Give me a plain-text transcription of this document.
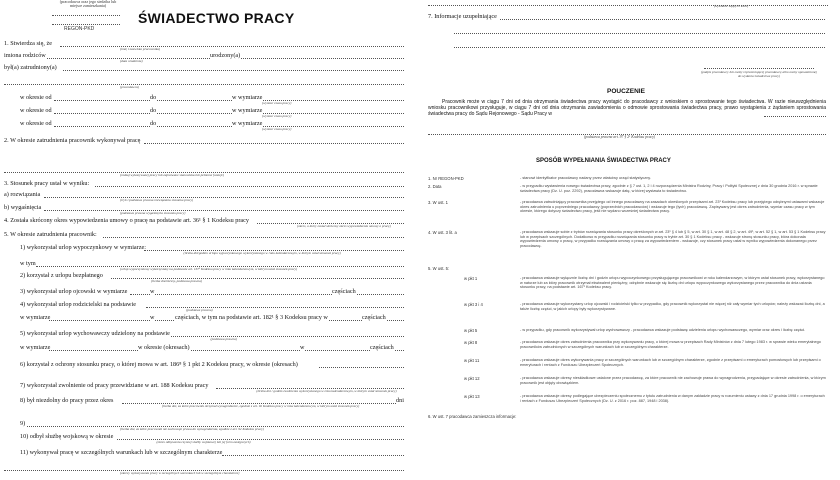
(pracodawca oraz jego siedziba lub miejsce zamieszkania)
REGON-PKD
ŚWIADECTWO PRACY
1. Stwierdza się, że
(imię i nazwisko pracownika)
imiona rodziców	urodzony(a)
(data urodzenia)
był(a) zatrudniony(a)
(pracodawca)
w okresie od	do	w wymiarze
(wymiar czasu pracy)
w okresie od	do	w wymiarze
(wymiar czasu pracy)
w okresie od	do	w wymiarze
(wymiar czasu pracy)
2. W okresie zatrudnienia pracownik wykonywał pracę
(rodzaj wykonywanej pracy lub zajmowane stanowiska lub pełnione funkcje)
3. Stosunek pracy ustał w wyniku:
a) rozwiązania
(tryb i podstawa prawna rozwiązania stosunku pracy)
b) wygaśnięcia
(podstawa prawna wygaśnięcia stosunku pracy)
4. Została skrócony okres wypowiedzenia umowy o pracę na podstawie art. 36¹ § 1 Kodeksu pracy
(okres, o który został skrócony okres wypowiedzenia umowy o pracę)
5. W okresie zatrudnienia pracownik:
1) wykorzystał urlop wypoczynkowy w wymiarze:
(liczba dni/godzin urlopu wypoczynkowego wykorzystanego w roku kalendarzowym, w którym ustał stosunek pracy)
w tym
(urlop wypoczynkowy wykorzystany na podstawie art. 167¹ Kodeksu pracy w roku kalendarzowym, w którym ustał stosunek pracy)
2) korzystał z urlopu bezpłatnego
(liczba dni/okresy, podstawa prawna)
3) wykorzystał urlop ojcowski w wymiarze	w	częściach
4) wykorzystał urlop rodzicielski na podstawie
(podstawa prawna)
w wymiarze	w	częściach, w tym na podstawie art. 182¹ § 3 Kodeksu pracy w	częściach
5) wykorzystał urlop wychowawczy udzielony na podstawie
(podstawa prawna)
w wymiarze	w okresie (okresach)	w	częściach
6) korzystał z ochrony stosunku pracy, o której mowa w art. 186⁸ § 1 pkt 2 Kodeksu pracy, w okresie (okresach)
7) wykorzystał zwolnienie od pracy przewidziane w art. 188 Kodeksu pracy
(liczba dni / godzin zwolnienia wykorzystanego w roku kalendarzowym, w którym ustał stosunek pracy)
8) był niezdolny do pracy przez okres	dni
(liczba dni, za które pracownik otrzymał wynagrodzenie, zgodnie z art. 92 Kodeksu pracy w roku kalendarzowym, w którym ustał stosunek pracy)
9)
(liczba dni, za które pracownik nie zachowuje prawa do wynagrodzenia, zgodnie z art. 92 Kodeksu pracy)
10) odbył służbę wojskową w okresie
(okres odbywania czynnej służby wojskowej lub jej form zastępczych)
11) wykonywał pracę w szczególnych warunkach lub w szczególnym charakterze
(okresy wykonywania pracy w szczególnych warunkach lub w szczególnym charakterze)
(wysokość zajętych kwot)
7. Informacje uzupełniające
(podpis pracodawcy lub osoby reprezentującej pracodawcę albo osoby upoważnionej do wydania świadectwa pracy)
POUCZENIE
Pracownik może w ciągu 7 dni od dnia otrzymania świadectwa pracy wystąpić do pracodawcy z wnioskiem o sprostowanie tego świadectwa. W razie nieuwzględnienia wniosku pracownikowi przysługuje, w ciągu 7 dni od dnia otrzymania zawiadomienia o odmowie sprostowania świadectwa pracy, prawo wystąpienia z żądaniem sprostowania świadectwa pracy do Sądu Rejonowego - Sądu Pracy w
(podstawa prawna art. 97 § 2¹ Kodeksu pracy)
SPOSÓB WYPEŁNIANIA ŚWIADECTWA PRACY
1. Nr REGON-PKD	- stanowi identyfikator pracodawcy nadany przez właściwy urząd statystyczny.
2. Data	- w przypadku wystawienia nowego świadectwa pracy, zgodnie z § 7 ust. 1, 2 i 4 rozporządzenia Ministra Rodziny, Pracy i Polityki Społecznej z dnia 30 grudnia 2016 r. w sprawie świadectwa pracy (Dz. U. poz. 2292), pracodawca wskazuje datę, w której wystawia to świadectwo.
3. W ust. 1	- pracodawca zatrudniający pracownika przejętego od innego pracodawcy na zasadach określonych przepisami art. 23¹ Kodeksu pracy lub przejętego odrębnymi ustawami wskazuje okres zatrudnienia u poprzedniego pracodawcy (poprzednich pracodawców) i wskazuje tego (tych) pracodawcę. Zapisywany jest okres zatrudnienia, wymiar czasu pracy w tym okresie, którego dotyczy świadectwo pracy, jeśli nie wydano wcześniej świadectwa pracy.
4. W ust. 3 lit. a	- pracodawca wskazuje sobie z trybów rozwiązania stosunku pracy określonych w art. 23¹ § 4 lub § 5, w art. 30 § 1, w art. 48 § 2, w art. 49¹, w art. 52 § 1, w art. 53 § 1 Kodeksu pracy lub w przepisach szczególnych. Dodatkowo w przypadku rozwiązania stosunku pracy w trybie art. 30 § 1 Kodeksu pracy - wskazuje stronę stosunku pracy, która dokonała wypowiedzenia umowy o pracę, w przypadku rozwiązania umowy o pracę za wypowiedzeniem - wskazuje, czy stosunek pracy ustał w wyniku wypowiedzenia dokonanego przez pracodawcę.
5. W ust. 5:
w pkt 1	- pracodawca wskazuje wyłącznie liczbę dni i godzin urlopu wypoczynkowego przysługującego pracownikowi w roku kalendarzowym, w którym ustał stosunek pracy, wykorzystanego w naturze lub za który pracownik otrzymał ekwiwalent pieniężny; odrębnie wskazuje się liczbę dni urlopu wypoczynkowego wykorzystanego przez pracownika do dnia ustania stosunku pracy, na podstawie art. 167¹ Kodeksu pracy.
w pkt 3 i 4	- pracodawca wskazuje wykorzystany urlop ojcowski i rodzicielski tylko w przypadku, gdy pracownik wykorzystał nie więcej niż cały wymiar tych urlopów; należy wskazać liczbę dni, a także liczbę części, w jakich urlopy były wykorzystywane.
w pkt 5	- w przypadku, gdy pracownik wykorzystywał urlop wychowawczy - pracodawca wskazuje podstawę udzielenia urlopu wychowawczego, wymiar oraz okres i liczbę części.
w pkt 8	- pracodawca wskazuje okres zatrudnienia pracownika przy wykonywaniu pracy, o której mowa w przepisach Rady Ministrów z dnia 7 lutego 1983 r. w sprawie wieku emerytalnego pracowników zatrudnionych w szczególnych warunkach lub w szczególnym charakterze.
w pkt 11	- pracodawca wskazuje okres wykonywania pracy w szczególnych warunkach lub w szczególnym charakterze, zgodnie z przepisami o emeryturach pomostowych lub przepisami o emeryturach i rentach z Funduszu Ubezpieczeń Społecznych.
w pkt 12	- pracodawca wskazuje okresy nieskładkowe ustalone przez pracodawcę, za które pracownik nie zachowuje prawa do wynagrodzenia, przypadające w okresie zatrudnienia, w którym pracownik jest objęty obowiązkiem.
w pkt 13	- pracodawca wskazuje okresy podlegające ubezpieczeniu społecznemu z tytułu zatrudnienia w danym zakładzie pracy w rozumieniu ustawy z dnia 17 grudnia 1998 r. o emeryturach i rentach z Funduszu Ubezpieczeń Społecznych (Dz. U. z 2016 r. poz. 887, 1948 i 2038).
6. W ust. 7 pracodawca zamieszcza informacje:
